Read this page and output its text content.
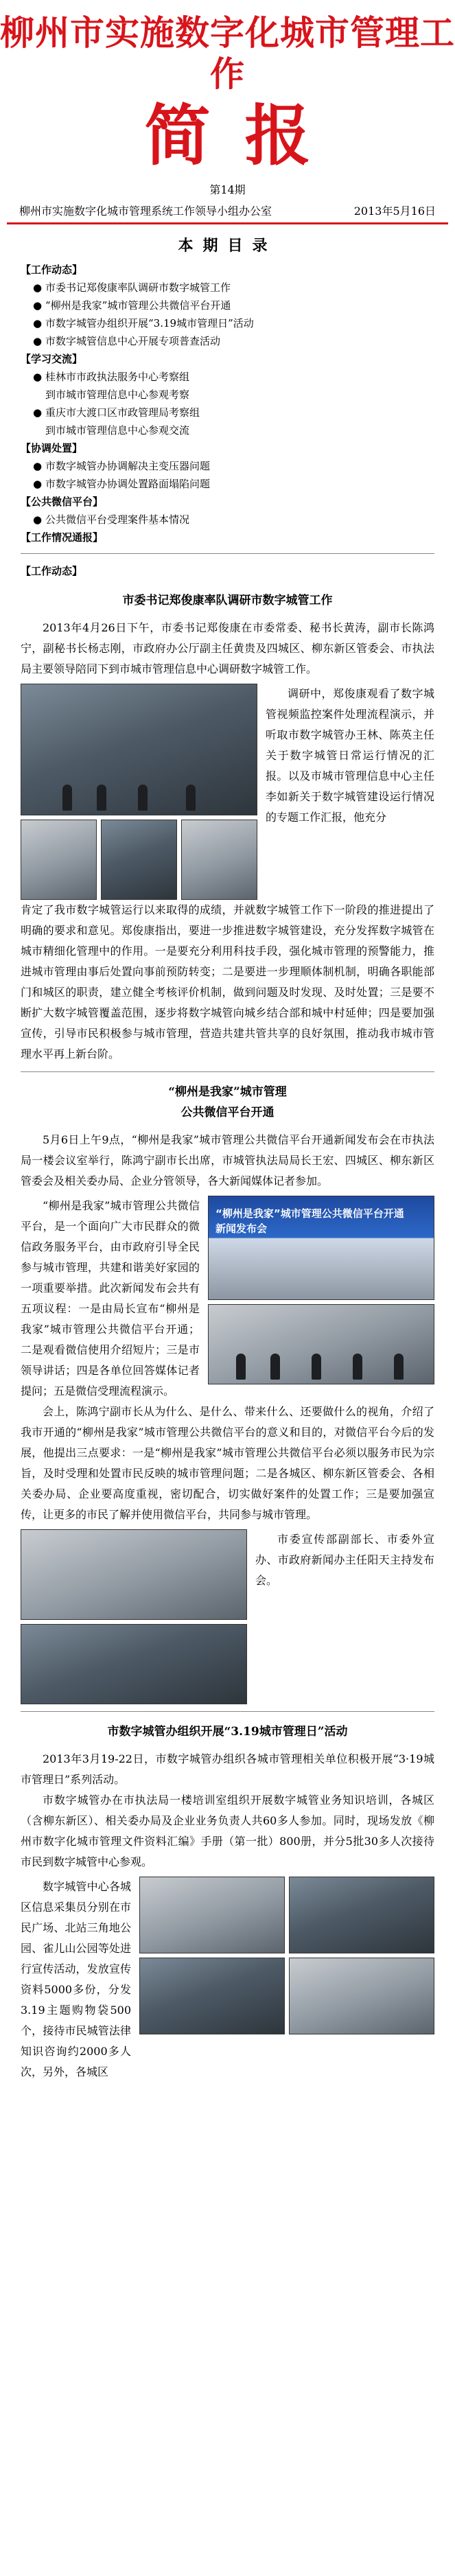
柳州市实施数字化城市管理工作
简报
第14期
柳州市实施数字化城市管理系统工作领导小组办公室	2013年5月16日
本期目录
【工作动态】
● 市委书记郑俊康率队调研市数字城管工作
● “柳州是我家”城市管理公共微信平台开通
● 市数字城管办组织开展“3.19城市管理日”活动
● 市数字城管信息中心开展专项普查活动
【学习交流】
● 桂林市市政执法服务中心考察组
到市城市管理信息中心参观考察
● 重庆市大渡口区市政管理局考察组
到市城市管理信息中心参观交流
【协调处置】
● 市数字城管办协调解决主变压器问题
● 市数字城管办协调处置路面塌陷问题
【公共微信平台】
● 公共微信平台受理案件基本情况
【工作情况通报】
【工作动态】
市委书记郑俊康率队调研市数字城管工作

2013年4月26日下午，市委书记郑俊康在市委常委、秘书长黄涛，副市长陈鸿宁，副秘书长杨志刚，市政府办公厅副主任黄贵及四城区、柳东新区管委会、市执法局主要领导陪同下到市城市管理信息中心调研数字城管工作。

调研中，郑俊康观看了数字城管视频监控案件处理流程演示，并听取市数字城管办王林、陈英主任关于数字城管日常运行情况的汇报。以及市城市管理信息中心主任李如新关于数字城管建设运行情况的专题工作汇报，他充分

肯定了我市数字城管运行以来取得的成绩，并就数字城管工作下一阶段的推进提出了明确的要求和意见。郑俊康指出，要进一步推进数字城管建设，充分发挥数字城管在城市精细化管理中的作用。一是要充分利用科技手段，强化城市管理的预警能力，推进城市管理由事后处置向事前预防转变；二是要进一步理顺体制机制，明确各职能部门和城区的职责，建立健全考核评价机制，做到问题及时发现、及时处置；三是要不断扩大数字城管覆盖范围，逐步将数字城管向城乡结合部和城中村延伸；四是要加强宣传，引导市民积极参与城市管理，营造共建共管共享的良好氛围，推动我市城市管理水平再上新台阶。

“柳州是我家”城市管理
公共微信平台开通

5月6日上午9点，“柳州是我家”城市管理公共微信平台开通新闻发布会在市执法局一楼会议室举行，陈鸿宁副市长出席，市城管执法局局长王宏、四城区、柳东新区管委会及相关委办局、企业分管领导，各大新闻媒体记者参加。

“柳州是我家”城市管理公共微信平台，是一个面向广大市民群众的微信政务服务平台，由市政府引导全民参与城市管理，共建和谐美好家园的一项重要举措。此次新闻发布会共有五项议程：一是由局长宣布“柳州是我家”城市管理公共微信平台开通；二是观看微信使用介绍短片；三是市领导讲话；四是各单位回答媒体记者提问；五是微信受理流程演示。
“柳州是我家”城市管理公共微信平台开通
新闻发布会

会上，陈鸿宁副市长从为什么、是什么、带来什么、还要做什么的视角，介绍了我市开通的“柳州是我家”城市管理公共微信平台的意义和目的，对微信平台今后的发展，他提出三点要求：一是“柳州是我家”城市管理公共微信平台必须以服务市民为宗旨，及时受理和处置市民反映的城市管理问题；二是各城区、柳东新区管委会、各相关委办局、企业要高度重视，密切配合，切实做好案件的处置工作；三是要加强宣传，让更多的市民了解并使用微信平台，共同参与城市管理。

市委宣传部副部长、市委外宣办、市政府新闻办主任阳天主持发布会。
市数字城管办组织开展“3.19城市管理日”活动

2013年3月19-22日，市数字城管办组织各城市管理相关单位积极开展“3·19城市管理日”系列活动。

市数字城管办在市执法局一楼培训室组织开展数字城管业务知识培训，各城区（含柳东新区）、相关委办局及企业业务负责人共60多人参加。同时，现场发放《柳州市数字化城市管理文件资料汇编》手册（第一批）800册，并分5批30多人次接待市民到数字城管中心参观。

数字城管中心各城区信息采集员分别在市民广场、北站三角地公园、雀儿山公园等处进行宣传活动，发放宣传资料5000多份，分发3.19主题购物袋500个，接待市民城管法律知识咨询约2000多人次，另外，各城区
